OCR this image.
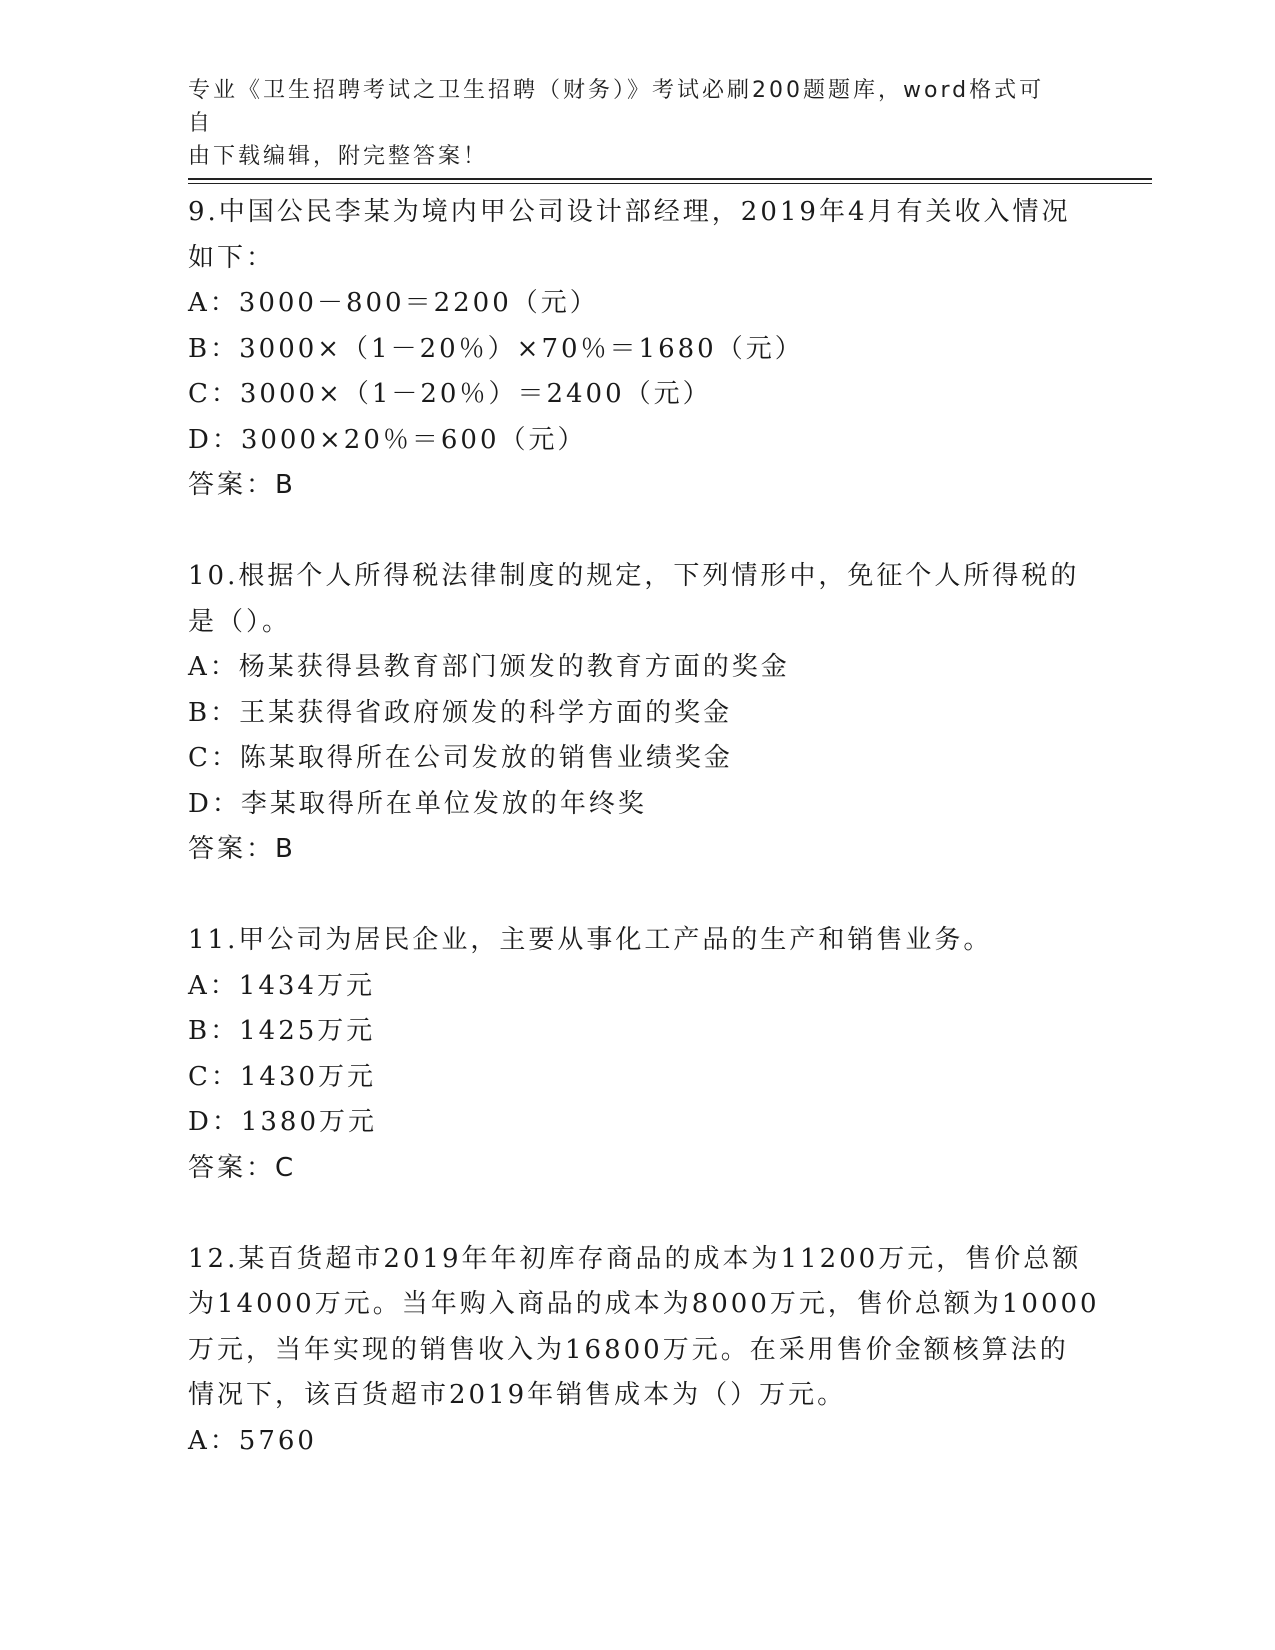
专业《卫生招聘考试之卫生招聘（财务）》考试必刷200题题库，word格式可自
由下载编辑，附完整答案！
9.中国公民李某为境内甲公司设计部经理，2019年4月有关收入情况
如下：
A：3000－800＝2200（元）
B：3000×（1－20％）×70％＝1680（元）
C：3000×（1－20％）＝2400（元）
D：3000×20％＝600（元）
答案：B
10.根据个人所得税法律制度的规定，下列情形中，免征个人所得税的
是（）。
A：杨某获得县教育部门颁发的教育方面的奖金
B：王某获得省政府颁发的科学方面的奖金
C：陈某取得所在公司发放的销售业绩奖金
D：李某取得所在单位发放的年终奖
答案：B
11.甲公司为居民企业，主要从事化工产品的生产和销售业务。
A：1434万元
B：1425万元
C：1430万元
D：1380万元
答案：C
12.某百货超市2019年年初库存商品的成本为11200万元，售价总额
为14000万元。当年购入商品的成本为8000万元，售价总额为10000
万元，当年实现的销售收入为16800万元。在采用售价金额核算法的
情况下，该百货超市2019年销售成本为（）万元。
A：5760
